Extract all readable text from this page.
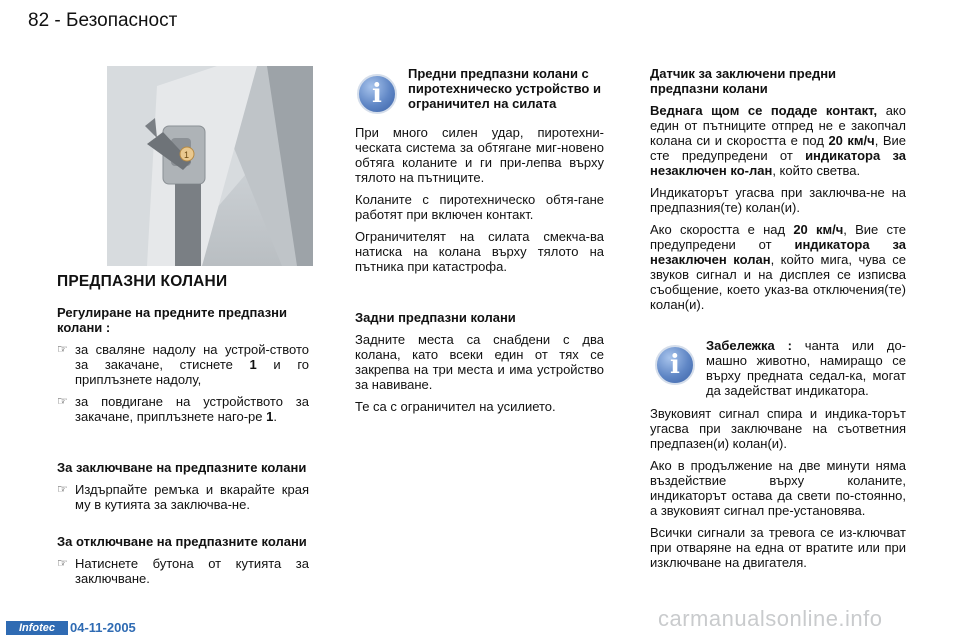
82 - Безопасност
1

ПРЕДПАЗНИ КОЛАНИ

Регулиране на предните предпазни колани :

☞ за сваляне надолу на устрой-ството за закачане, стиснете 1 и го приплъзнете надолу,
☞ за повдигане на устройството за закачане, приплъзнете наго-ре 1.

За заключване на предпазните колани

☞ Издърпайте ремъка и вкарайте края му в кутията за заключва-не.

За отключване на предпазните колани

☞ Натиснете бутона от кутията за заключване.
i

Предни предпазни колани с пиротехническо устройство и ограничител на силата

При много силен удар, пиротехни-ческата система за обтягане миг-новено обтяга коланите и ги при-лепва върху тялото на пътниците.

Коланите с пиротехническо обтя-гане работят при включен контакт.

Ограничителят на силата смекча-ва натиска на колана върху тялото на пътника при катастрофа.

Задни предпазни колани

Задните места са снабдени с два колана, като всеки един от тях се закрепва на три места и има устройство за навиване.

Те са с ограничител на усилието.

Датчик за заключени предни предпазни колани

Веднага щом се подаде контакт, ако един от пътниците отпред не е закопчал колана си и скоростта е под 20 км/ч, Вие сте предупредени от индикатора за незаключен ко-лан, който светва.

Индикаторът угасва при заключва-не на предпазния(те) колан(и).

Ако скоростта е над 20 км/ч, Вие сте предупредени от индикатора за незаключен колан, който мига, чува се звуков сигнал и на дисплея се изписва съобщение, което указ-ва отключения(те) колан(и).

i

Забележка : чанта или до-машно животно, намиращо се върху предната седал-ка, могат да задействат индикатора.

Звуковият сигнал спира и индика-торът угасва при заключване на съответния предпазен(и) колан(и).

Ако в продължение на две минути няма въздействие върху коланите, индикаторът остава да свети по-стоянно, а звуковият сигнал пре-установява.

Всички сигнали за тревога се из-ключват при отваряне на една от вратите или при изключване на двигателя.

Infotec	04-11-2005	carmanualsonline.info
